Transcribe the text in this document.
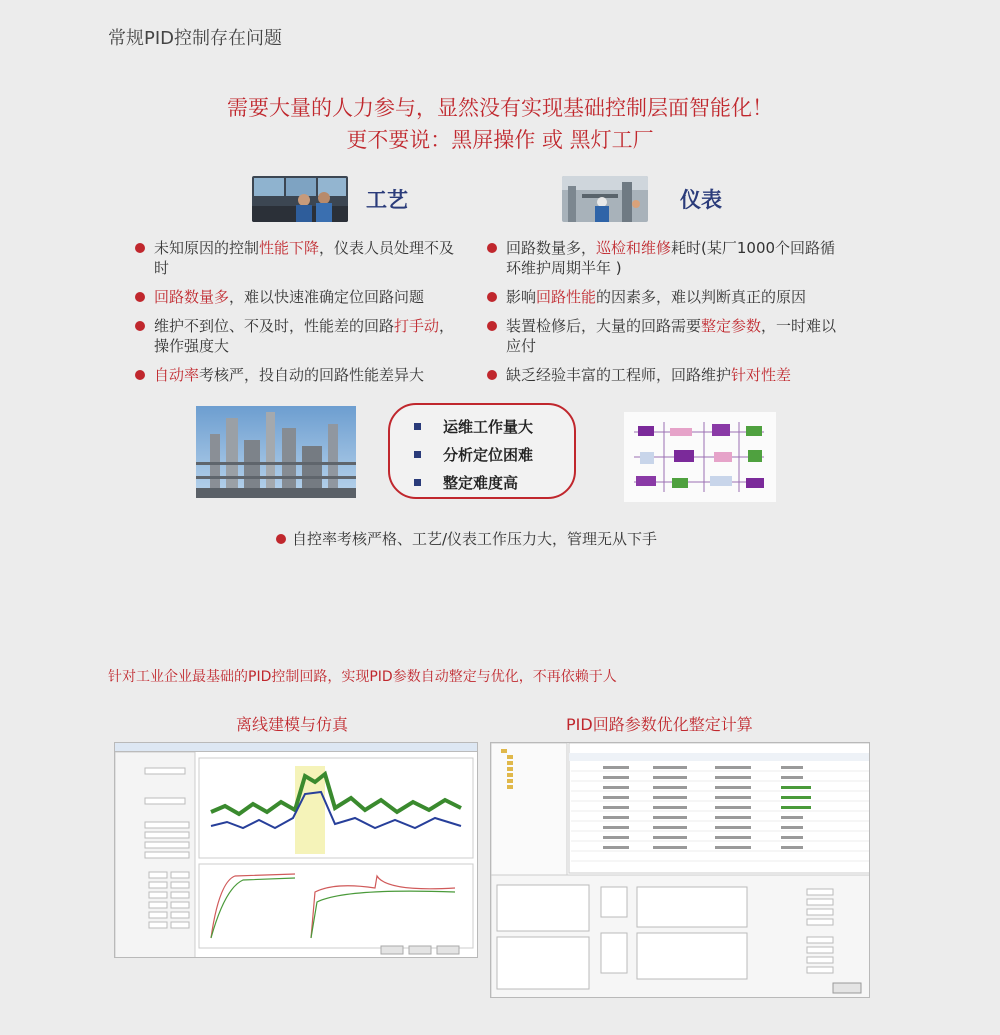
常规PID控制存在问题
需要大量的人力参与，显然没有实现基础控制层面智能化！
更不要说：黑屏操作 或 黑灯工厂
工艺	仪表
未知原因的控制性能下降，仪表人员处理不及时
回路数量多，难以快速准确定位回路问题
维护不到位、不及时，性能差的回路打手动，操作强度大
自动率考核严，投自动的回路性能差异大
回路数量多，巡检和维修耗时(某厂1000个回路循环维护周期半年 )
影响回路性能的因素多，难以判断真正的原因
装置检修后，大量的回路需要整定参数，一时难以应付
缺乏经验丰富的工程师，回路维护针对性差
运维工作量大
分析定位困难
整定难度高
自控率考核严格、工艺/仪表工作压力大，管理无从下手
针对工业企业最基础的PID控制回路，实现PID参数自动整定与优化，不再依赖于人
离线建模与仿真	PID回路参数优化整定计算
